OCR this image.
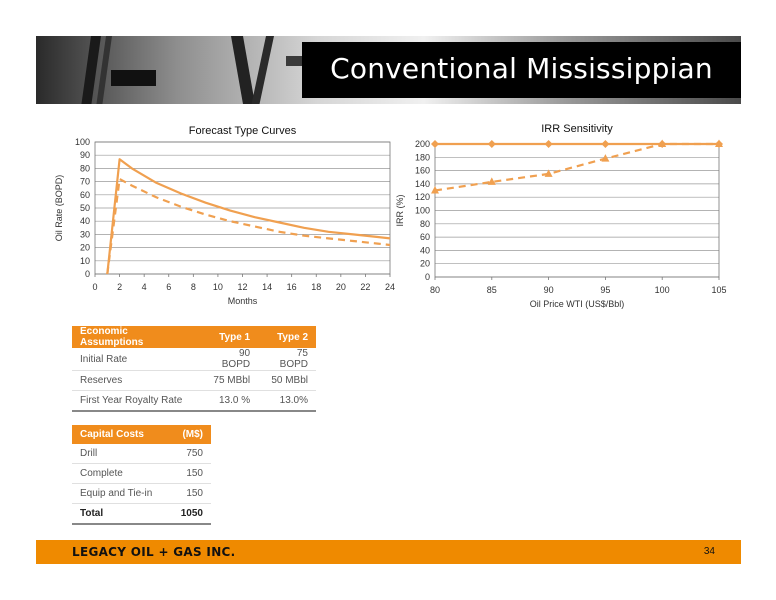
Conventional Mississippian
Forecast Type Curves
0
10
20
30
40
50
60
70
80
90
100
0 2 4 6 8 10 12 14 16 18 20 22 24
Months
Oil Rate (BOPD)
IRR Sensitivity
0
20
40
60
80
100
120
140
160
180
200
80	85	90	95	100	105
Oil Price WTI (US$/Bbl)
IRR (%)
Economic Assumptions	Type 1	Type 2
Initial Rate	90 BOPD	75 BOPD
Reserves	75 MBbl	50 MBbl
First Year Royalty Rate	13.0 %	13.0%
Capital Costs	(M$)
Drill	750
Complete	150
Equip and Tie-in	150
Total	1050
LEGACY OIL + GAS INC.	34
